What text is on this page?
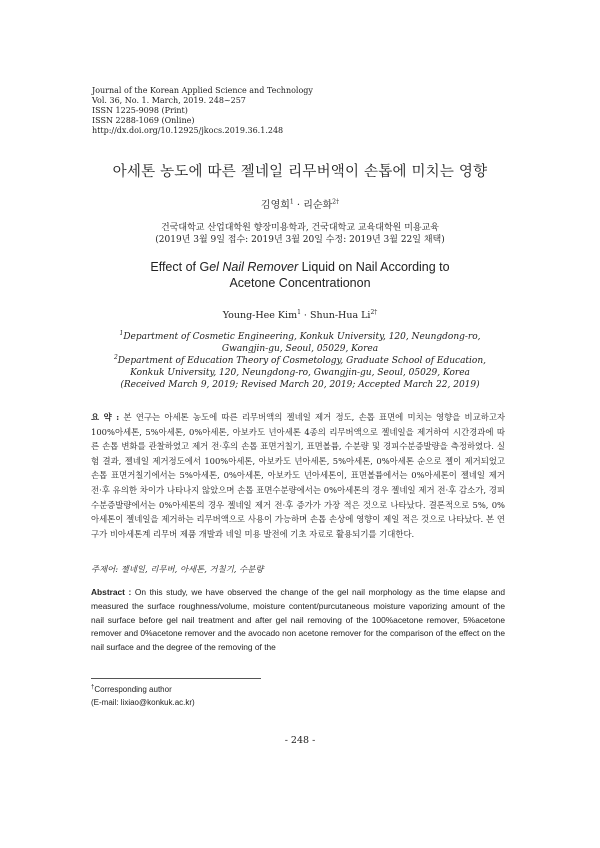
Journal of the Korean Applied Science and Technology
Vol. 36, No. 1. March, 2019. 248~257
ISSN 1225-9098 (Print)
ISSN 2288-1069 (Online)
http://dx.doi.org/10.12925/jkocs.2019.36.1.248
아세톤 농도에 따른 젤네일 리무버액이 손톱에 미치는 영향
김영희$^1$ · 리순화$^{2\dagger}$
건국대학교 산업대학원 향장미용학과, 건국대학교 교육대학원 미용교육
(2019년 3월 9일 접수: 2019년 3월 20일 수정: 2019년 3월 22일 채택)
Effect of Gel Nail Remover Liquid on Nail According to
Acetone Concentrationon
Young-Hee Kim$^1$ · Shun-Hua $Li^{2\dagger}$
$^1$Department of Cosmetic Engineering, Konkuk University, 120, Neungdong-ro,
Gwangjin-gu, Seoul, 05029, Korea
$^2$Department of Education Theory of Cosmetology, Graduate School of Education,
Konkuk University, 120, Neungdong-ro, Gwangjin-gu, Seoul, 05029, Korea
(Received March 9, 2019; Revised March 20, 2019; Accepted March 22, 2019)
요 약 : 본 연구는 아세톤 농도에 따른 리무버액의 젤네일 제거 정도, 손톱 표면에 미치는 영향을 비교하고자 100%아세톤, 5%아세톤, 0%아세톤, 아보카도 넌아세톤 4종의 리무버액으로 젤네일을 제거하여 시간경과에 따른 손톱 변화를 관찰하였고 제거 전·후의 손톱 표면거칠기, 표면볼륨, 수분량 및 경피수분증발량을 측정하였다. 실험 결과, 젤네일 제거정도에서 100%아세톤, 아보카도 넌아세톤, 5%아세톤, 0%아세톤 순으로 젤이 제거되었고 손톱 표면거칠기에서는 5%아세톤, 0%아세톤, 아보카도 넌아세톤이, 표면볼륨에서는 0%아세톤이 젤네일 제거 전·후 유의한 차이가 나타나지 않았으며 손톱 표면수분량에서는 0%아세톤의 경우 젤네일 제거 전·후 감소가, 경피수분증발량에서는 0%아세톤의 경우 젤네일 제거 전·후 증가가 가장 적은 것으로 나타났다. 결론적으로 5%, 0%아세톤이 젤네일을 제거하는 리무버액으로 사용이 가능하며 손톱 손상에 영향이 제일 적은 것으로 나타났다. 본 연구가 비아세톤계 리무버 제품 개발과 네일 미용 발전에 기초 자료로 활용되기를 기대한다.
주제어: 젤네일, 리무버, 아세톤, 거칠기, 수분량
Abstract : On this study, we have observed the change of the gel nail morphology as the time elapse and measured the surface roughness/volume, moisture content/purcutaneous moisture vaporizing amount of the nail surface before gel nail treatment and after gel nail removing of the 100%acetone remover, 5%acetone remover and 0%acetone remover and the avocado non acetone remover for the comparison of the effect on the nail surface and the degree of the removing of the
†Corresponding author
(E-mail: lixiao@konkuk.ac.kr)
- 248 -
